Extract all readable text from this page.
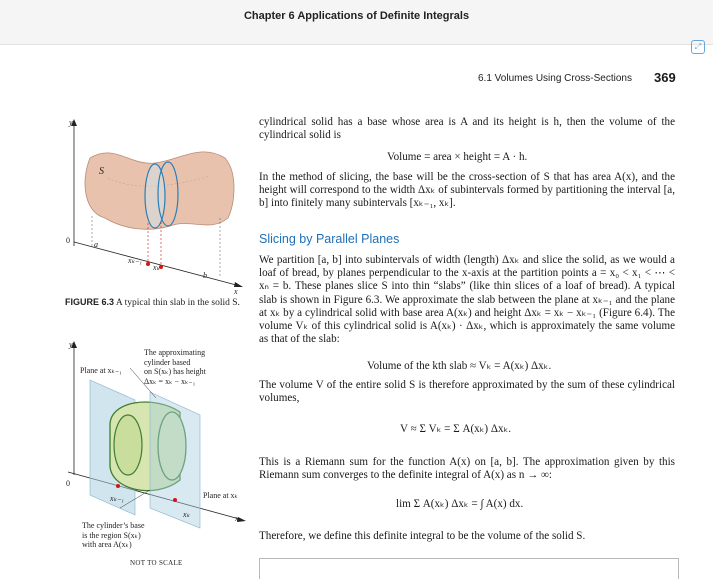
Chapter 6 Applications of Definite Integrals
⤢
6.1 Volumes Using Cross-Sections 369
cylindrical solid has a base whose area is A and its height is h, then the volume of the cylindrical solid is
Volume = area × height = A · h.
In the method of slicing, the base will be the cross-section of S that has area A(x), and the height will correspond to the width Δxₖ of subintervals formed by partitioning the interval [a, b] into finitely many subintervals [xₖ₋₁, xₖ].
Slicing by Parallel Planes
We partition [a, b] into subintervals of width (length) Δxₖ and slice the solid, as we would a loaf of bread, by planes perpendicular to the x-axis at the partition points a = x₀ < x₁ < ⋯ < xₙ = b. These planes slice S into thin “slabs” (like thin slices of a loaf of bread). A typical slab is shown in Figure 6.3. We approximate the slab between the plane at xₖ₋₁ and the plane at xₖ by a cylindrical solid with base area A(xₖ) and height Δxₖ = xₖ − xₖ₋₁ (Figure 6.4). The volume Vₖ of this cylindrical solid is A(xₖ) · Δxₖ, which is approximately the same volume as that of the slab:
Volume of the kth slab ≈ Vₖ = A(xₖ) Δxₖ.
The volume V of the entire solid S is therefore approximated by the sum of these cylindrical volumes,
V ≈ Σ Vₖ = Σ A(xₖ) Δxₖ.
This is a Riemann sum for the function A(x) on [a, b]. The approximation given by this Riemann sum converges to the definite integral of A(x) as n → ∞:
lim Σ A(xₖ) Δxₖ = ∫ A(x) dx.
Therefore, we define this definite integral to be the volume of the solid S.
y
S
0	a
xₖ₋₁
xₖ
b
x
FIGURE 6.3 A typical thin slab in the solid S.
y
The approximating
cylinder based
on S(xₖ) has height
Δxₖ = xₖ − xₖ₋₁
Plane at xₖ₋₁
0
Plane at xₖ
xₖ₋₁
xₖ	x
The cylinder’s base
is the region S(xₖ)
with area A(xₖ)
NOT TO SCALE
